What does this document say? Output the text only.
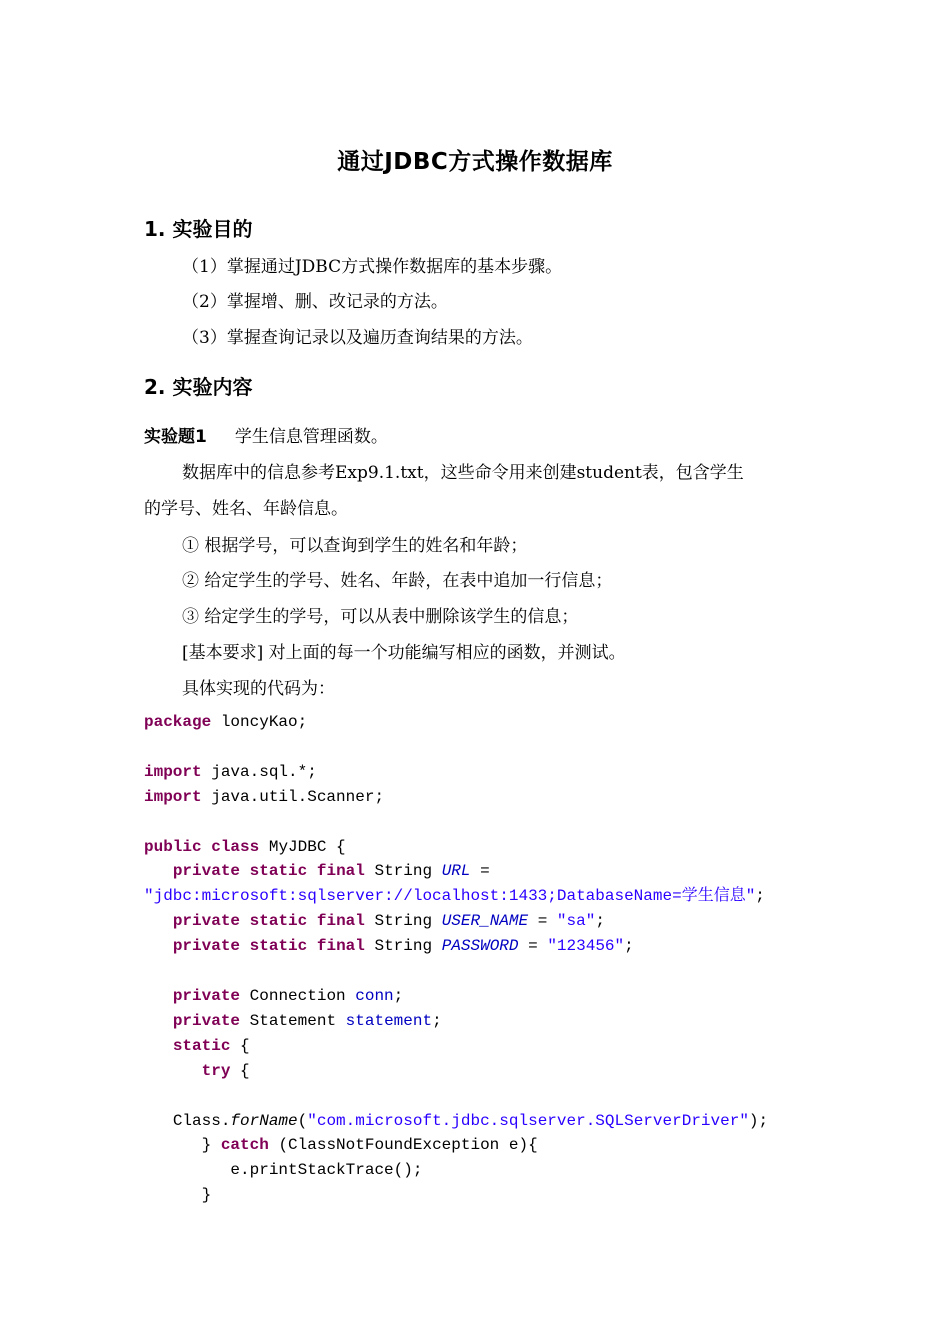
通过JDBC方式操作数据库
1. 实验目的
（1）掌握通过JDBC方式操作数据库的基本步骤。
（2）掌握增、删、改记录的方法。
（3）掌握查询记录以及遍历查询结果的方法。
2. 实验内容
实验题1 学生信息管理函数。
数据库中的信息参考Exp9.1.txt，这些命令用来创建student表，包含学生
的学号、姓名、年龄信息。
① 根据学号，可以查询到学生的姓名和年龄；
② 给定学生的学号、姓名、年龄，在表中追加一行信息；
③ 给定学生的学号，可以从表中删除该学生的信息；
[基本要求] 对上面的每一个功能编写相应的函数，并测试。
具体实现的代码为：
package loncyKao;

import java.sql.*;
import java.util.Scanner;

public class MyJDBC {
private static final String URL =
"jdbc:microsoft:sqlserver://localhost:1433;DatabaseName=学生信息";
private static final String USER_NAME = "sa";
private static final String PASSWORD = "123456";

private Connection conn;
private Statement statement;
static {
try {

Class.forName("com.microsoft.jdbc.sqlserver.SQLServerDriver");
} catch (ClassNotFoundException e){
e.printStackTrace();
}
